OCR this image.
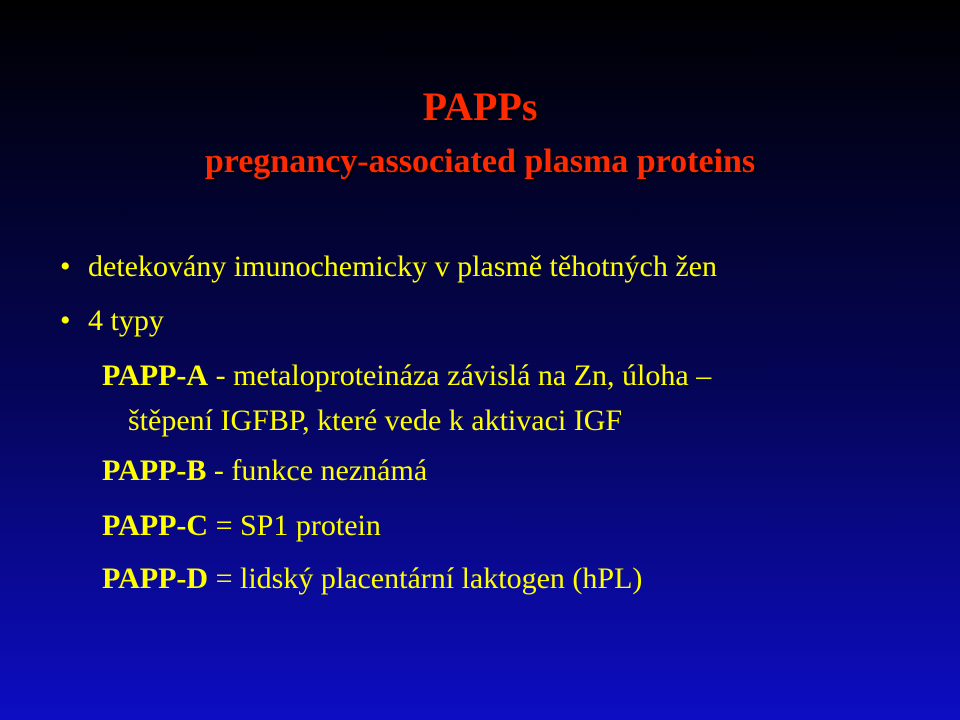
PAPPs
pregnancy-associated plasma proteins
• detekovány imunochemicky v plasmě těhotných žen
• 4 typy
PAPP-A - metaloproteináza závislá na Zn, úloha –
štěpení IGFBP, které vede k aktivaci IGF
PAPP-B - funkce neznámá
PAPP-C = SP1 protein
PAPP-D = lidský placentární laktogen (hPL)
